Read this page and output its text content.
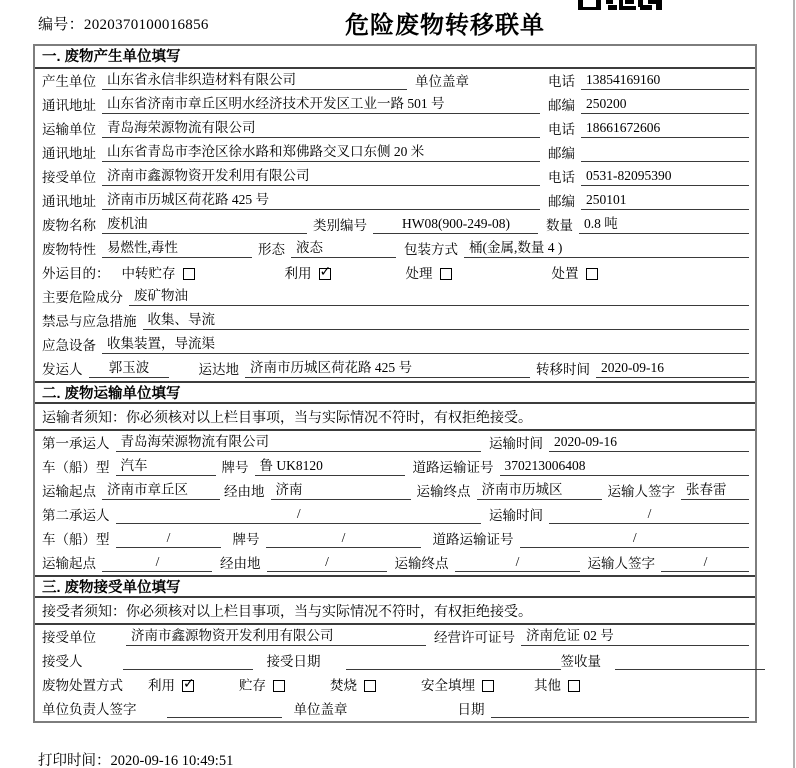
编号：2020370100016856	危险废物转移联单
一. 废物产生单位填写
产生单位 山东省永信非织造材料有限公司	单位盖章	电话 13854169160
通讯地址 山东省济南市章丘区明水经济技术开发区工业一路 501 号	邮编 250200
运输单位 青岛海荣源物流有限公司	电话 18661672606
通讯地址 山东省青岛市李沧区徐水路和郑佛路交叉口东侧 20 米	邮编
接受单位 济南市鑫源物资开发利用有限公司	电话 0531-82095390
通讯地址 济南市历城区荷花路 425 号	邮编 250101
废物名称 废机油	类别编号	HW08(900-249-08)	数量 0.8 吨
废物特性 易燃性,毒性	形态 液态	包装方式 桶(金属,数量 4 )
外运目的： 中转贮存	利用 ✓	处理	处置
主要危险成分 废矿物油
禁忌与应急措施 收集、导流
应急设备 收集装置，导流渠
发运人	郭玉波	运达地 济南市历城区荷花路 425 号	转移时间 2020-09-16
二. 废物运输单位填写
运输者须知： 你必须核对以上栏目事项，当与实际情况不符时，有权拒绝接受。
第一承运人 青岛海荣源物流有限公司	运输时间 2020-09-16
车（船）型 汽车	牌号 鲁 UK8120	道路运输证号 370213006408
运输起点 济南市章丘区	经由地 济南	运输终点 济南市历城区	运输人签字 张春雷
第二承运人	/	运输时间	/
车（船）型	/	牌号	/	道路运输证号	/
运输起点	/	经由地	/	运输终点	/	运输人签字	/
三. 废物接受单位填写
接受者须知： 你必须核对以上栏目事项，当与实际情况不符时，有权拒绝接受。
接受单位	济南市鑫源物资开发利用有限公司	经营许可证号 济南危证 02 号
接受人	接受日期	签收量
废物处置方式 利用 ✓	贮存	焚烧	安全填埋	其他
单位负责人签字	单位盖章	日期
打印时间：2020-09-16 10:49:51
